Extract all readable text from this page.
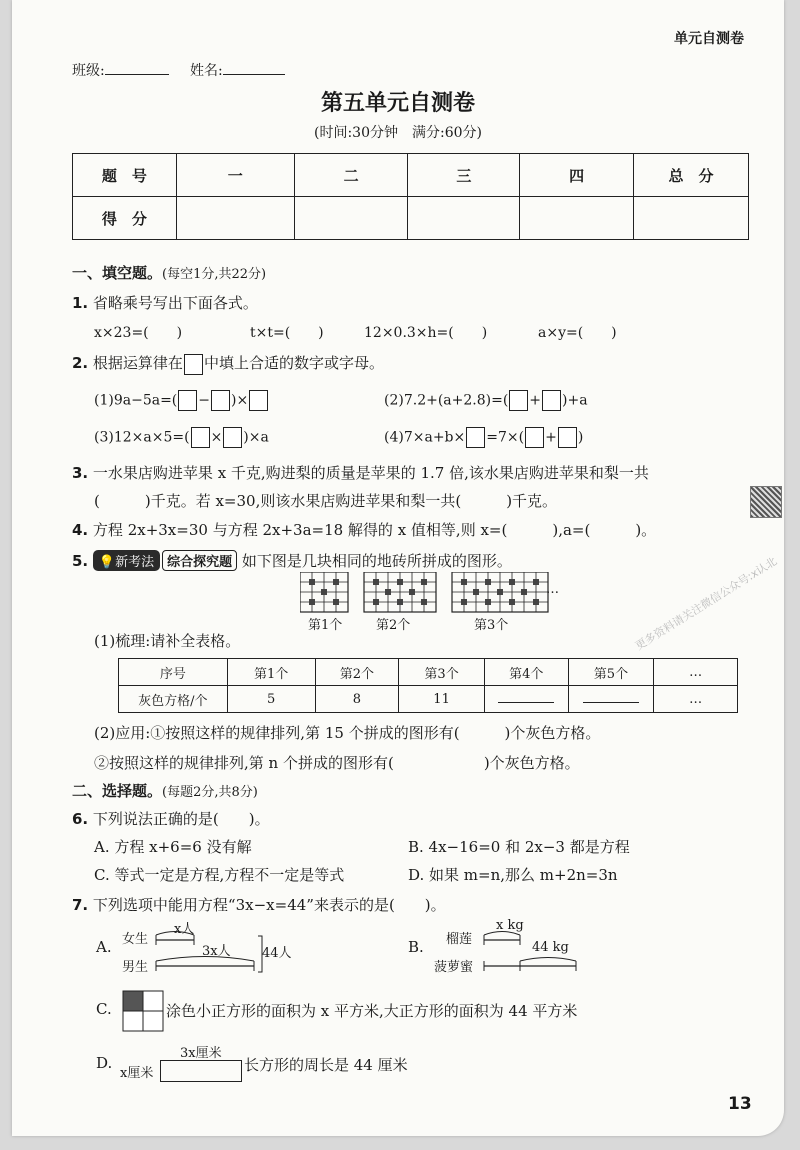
单元自测卷
班级:	姓名:
第五单元自测卷
(时间:30分钟　满分:60分)
题　号	一	二	三	四	总　分
得　分					
一、填空题。(每空1分,共22分)
1. 省略乘号写出下面各式。
x×23=(　　)	t×t=(　　)	12×0.3×h=(　　)	a×y=(　　)
2. 根据运算律在 中填上合适的数字或字母。
(1)9a−5a=( − )×	(2)7.2+(a+2.8)=( + )+a
(3)12×a×5=( × )×a	(4)7×a+b× =7×( + )
3. 一水果店购进苹果 x 千克,购进梨的质量是苹果的 1.7 倍,该水果店购进苹果和梨一共
(　　　)千克。若 x=30,则该水果店购进苹果和梨一共(　　　)千克。
4. 方程 2x+3x=30 与方程 2x+3a=18 解得的 x 值相等,则 x=(　　　),a=(　　　)。
5. 💡新考法 综合探究题 如下图是几块相同的地砖所拼成的图形。
…
第1个	第2个	第3个
(1)梳理:请补全表格。
序号	第1个	第2个	第3个	第4个	第5个	…
灰色方格/个	5	8	11			…
(2)应用:①按照这样的规律排列,第 15 个拼成的图形有(　　　)个灰色方格。
②按照这样的规律排列,第 n 个拼成的图形有(　　　　　　)个灰色方格。
更多资料请关注微信公众号:x认北
二、选择题。(每题2分,共8分)
6. 下列说法正确的是(　　)。
A. 方程 x+6=6 没有解	B. 4x−16=0 和 2x−3 都是方程
C. 等式一定是方程,方程不一定是等式	D. 如果 m=n,那么 m+2n=3n
7. 下列选项中能用方程“3x−x=44”来表示的是(　　)。
A. 女生
男生
x人
3x人 44人	B. 榴莲
菠萝蜜
x kg
44 kg
C.	涂色小正方形的面积为 x 平方米,大正方形的面积为 44 平方米
D.
x厘米
3x厘米
长方形的周长是 44 厘米
13
